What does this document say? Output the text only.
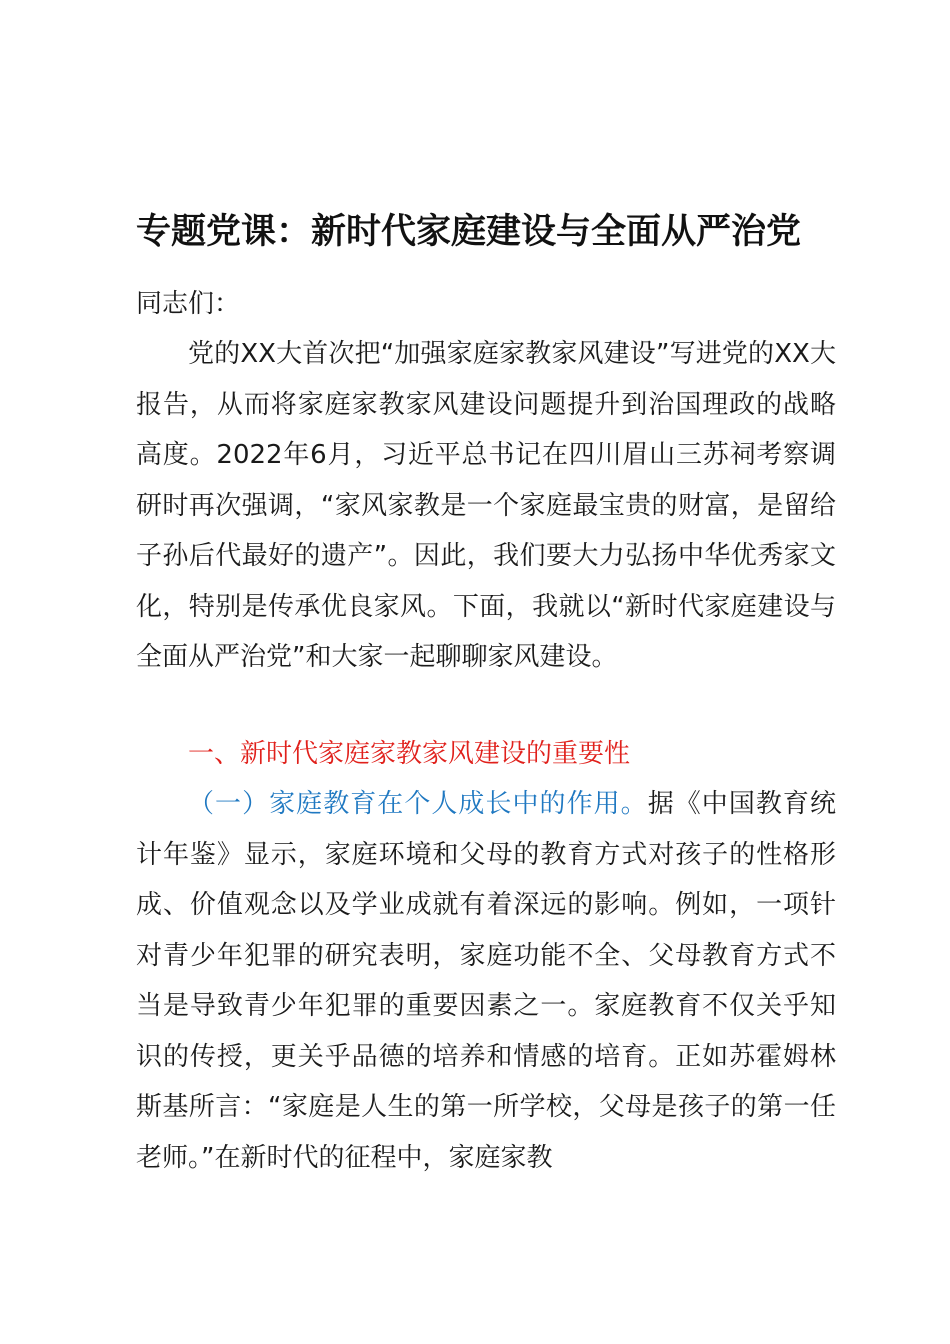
专题党课：新时代家庭建设与全面从严治党
同志们：
党的XX大首次把“加强家庭家教家风建设”写进党的XX大报告，从而将家庭家教家风建设问题提升到治国理政的战略高度。2022年6月，习近平总书记在四川眉山三苏祠考察调研时再次强调，“家风家教是一个家庭最宝贵的财富，是留给子孙后代最好的遗产”。因此，我们要大力弘扬中华优秀家文化，特别是传承优良家风。下面，我就以“新时代家庭建设与全面从严治党”和大家一起聊聊家风建设。
一、新时代家庭家教家风建设的重要性
（一）家庭教育在个人成长中的作用。据《中国教育统计年鉴》显示，家庭环境和父母的教育方式对孩子的性格形成、价值观念以及学业成就有着深远的影响。例如，一项针对青少年犯罪的研究表明，家庭功能不全、父母教育方式不当是导致青少年犯罪的重要因素之一。家庭教育不仅关乎知识的传授，更关乎品德的培养和情感的培育。正如苏霍姆林斯基所言：“家庭是人生的第一所学校，父母是孩子的第一任老师。”在新时代的征程中，家庭家教
